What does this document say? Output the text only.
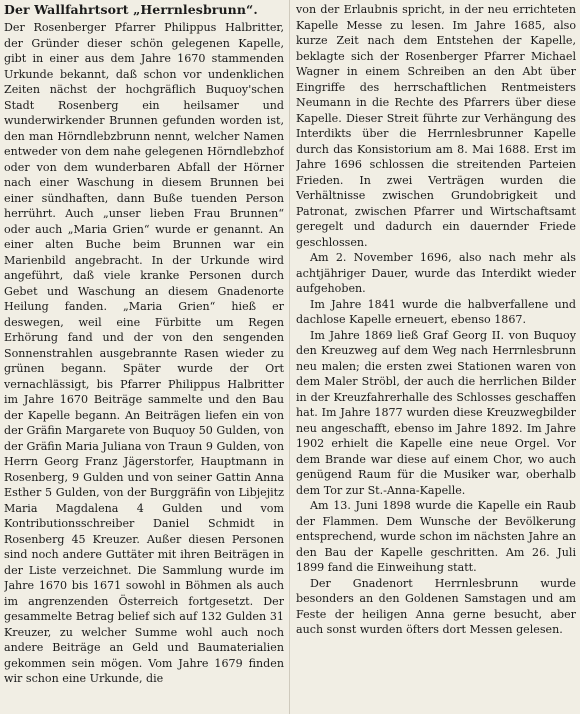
Der Wallfahrtsort „Herrnlesbrunn“.

Der Rosenberger Pfarrer Philippus Halbritter, der Gründer dieser schön gelegenen Kapelle, gibt in einer aus dem Jahre 1670 stammenden Urkunde bekannt, daß schon vor undenklichen Zeiten nächst der hochgräflich Buquoy'schen Stadt Rosenberg ein heilsamer und wunderwirkender Brunnen gefunden worden ist, den man Hörndlebzbrunn nennt, welcher Namen entweder von dem nahe gelegenen Hörndlebzhof oder von dem wunderbaren Abfall der Hörner nach einer Waschung in diesem Brunnen bei einer sündhaften, dann Buße tuenden Person herrührt. Auch „unser lieben Frau Brunnen“ oder auch „Maria Grien“ wurde er genannt. An einer alten Buche beim Brunnen war ein Marienbild angebracht. In der Urkunde wird angeführt, daß viele kranke Personen durch Gebet und Waschung an diesem Gnadenorte Heilung fanden. „Maria Grien“ hieß er deswegen, weil eine Fürbitte um Regen Erhörung fand und der von den sengenden Sonnenstrahlen ausgebrannte Rasen wieder zu grünen begann. Später wurde der Ort vernachlässigt, bis Pfarrer Philippus Halbritter im Jahre 1670 Beiträge sammelte und den Bau der Kapelle begann. An Beiträgen liefen ein von der Gräfin Margarete von Buquoy 50 Gulden, von der Gräfin Maria Juliana von Traun 9 Gulden, von Herrn Georg Franz Jägerstorfer, Hauptmann in Rosenberg, 9 Gulden und von seiner Gattin Anna Esther 5 Gulden, von der Burggräfin von Libjejitz Maria Magdalena 4 Gulden und vom Kontributionsschreiber Daniel Schmidt in Rosenberg 45 Kreuzer. Außer diesen Personen sind noch andere Guttäter mit ihren Beiträgen in der Liste verzeichnet. Die Sammlung wurde im Jahre 1670 bis 1671 sowohl in Böhmen als auch im angrenzenden Österreich fortgesetzt. Der gesammelte Betrag belief sich auf 132 Gulden 31 Kreuzer, zu welcher Summe wohl auch noch andere Beiträge an Geld und Baumaterialien gekommen sein mögen. Vom Jahre 1679 finden wir schon eine Urkunde, die

von der Erlaubnis spricht, in der neu errichteten Kapelle Messe zu lesen. Im Jahre 1685, also kurze Zeit nach dem Entstehen der Kapelle, beklagte sich der Rosenberger Pfarrer Michael Wagner in einem Schreiben an den Abt über Eingriffe des herrschaftlichen Rentmeisters Neumann in die Rechte des Pfarrers über diese Kapelle. Dieser Streit führte zur Verhängung des Interdikts über die Herrnlesbrunner Kapelle durch das Konsistorium am 8. Mai 1688. Erst im Jahre 1696 schlossen die streitenden Parteien Frieden. In zwei Verträgen wurden die Verhältnisse zwischen Grundobrigkeit und Patronat, zwischen Pfarrer und Wirtschaftsamt geregelt und dadurch ein dauernder Friede geschlossen.

Am 2. November 1696, also nach mehr als achtjähriger Dauer, wurde das Interdikt wieder aufgehoben.

Im Jahre 1841 wurde die halbverfallene und dachlose Kapelle erneuert, ebenso 1867.

Im Jahre 1869 ließ Graf Georg II. von Buquoy den Kreuzweg auf dem Weg nach Herrnlesbrunn neu malen; die ersten zwei Stationen waren von dem Maler Ströbl, der auch die herrlichen Bilder in der Kreuzfahrerhalle des Schlosses geschaffen hat. Im Jahre 1877 wurden diese Kreuzwegbilder neu angeschafft, ebenso im Jahre 1892. Im Jahre 1902 erhielt die Kapelle eine neue Orgel. Vor dem Brande war diese auf einem Chor, wo auch genügend Raum für die Musiker war, oberhalb dem Tor zur St.-Anna-Kapelle.

Am 13. Juni 1898 wurde die Kapelle ein Raub der Flammen. Dem Wunsche der Bevölkerung entsprechend, wurde schon im nächsten Jahre an den Bau der Kapelle geschritten. Am 26. Juli 1899 fand die Einweihung statt.

Der Gnadenort Herrnlesbrunn wurde besonders an den Goldenen Samstagen und am Feste der heiligen Anna gerne besucht, aber auch sonst wurden öfters dort Messen gelesen.
